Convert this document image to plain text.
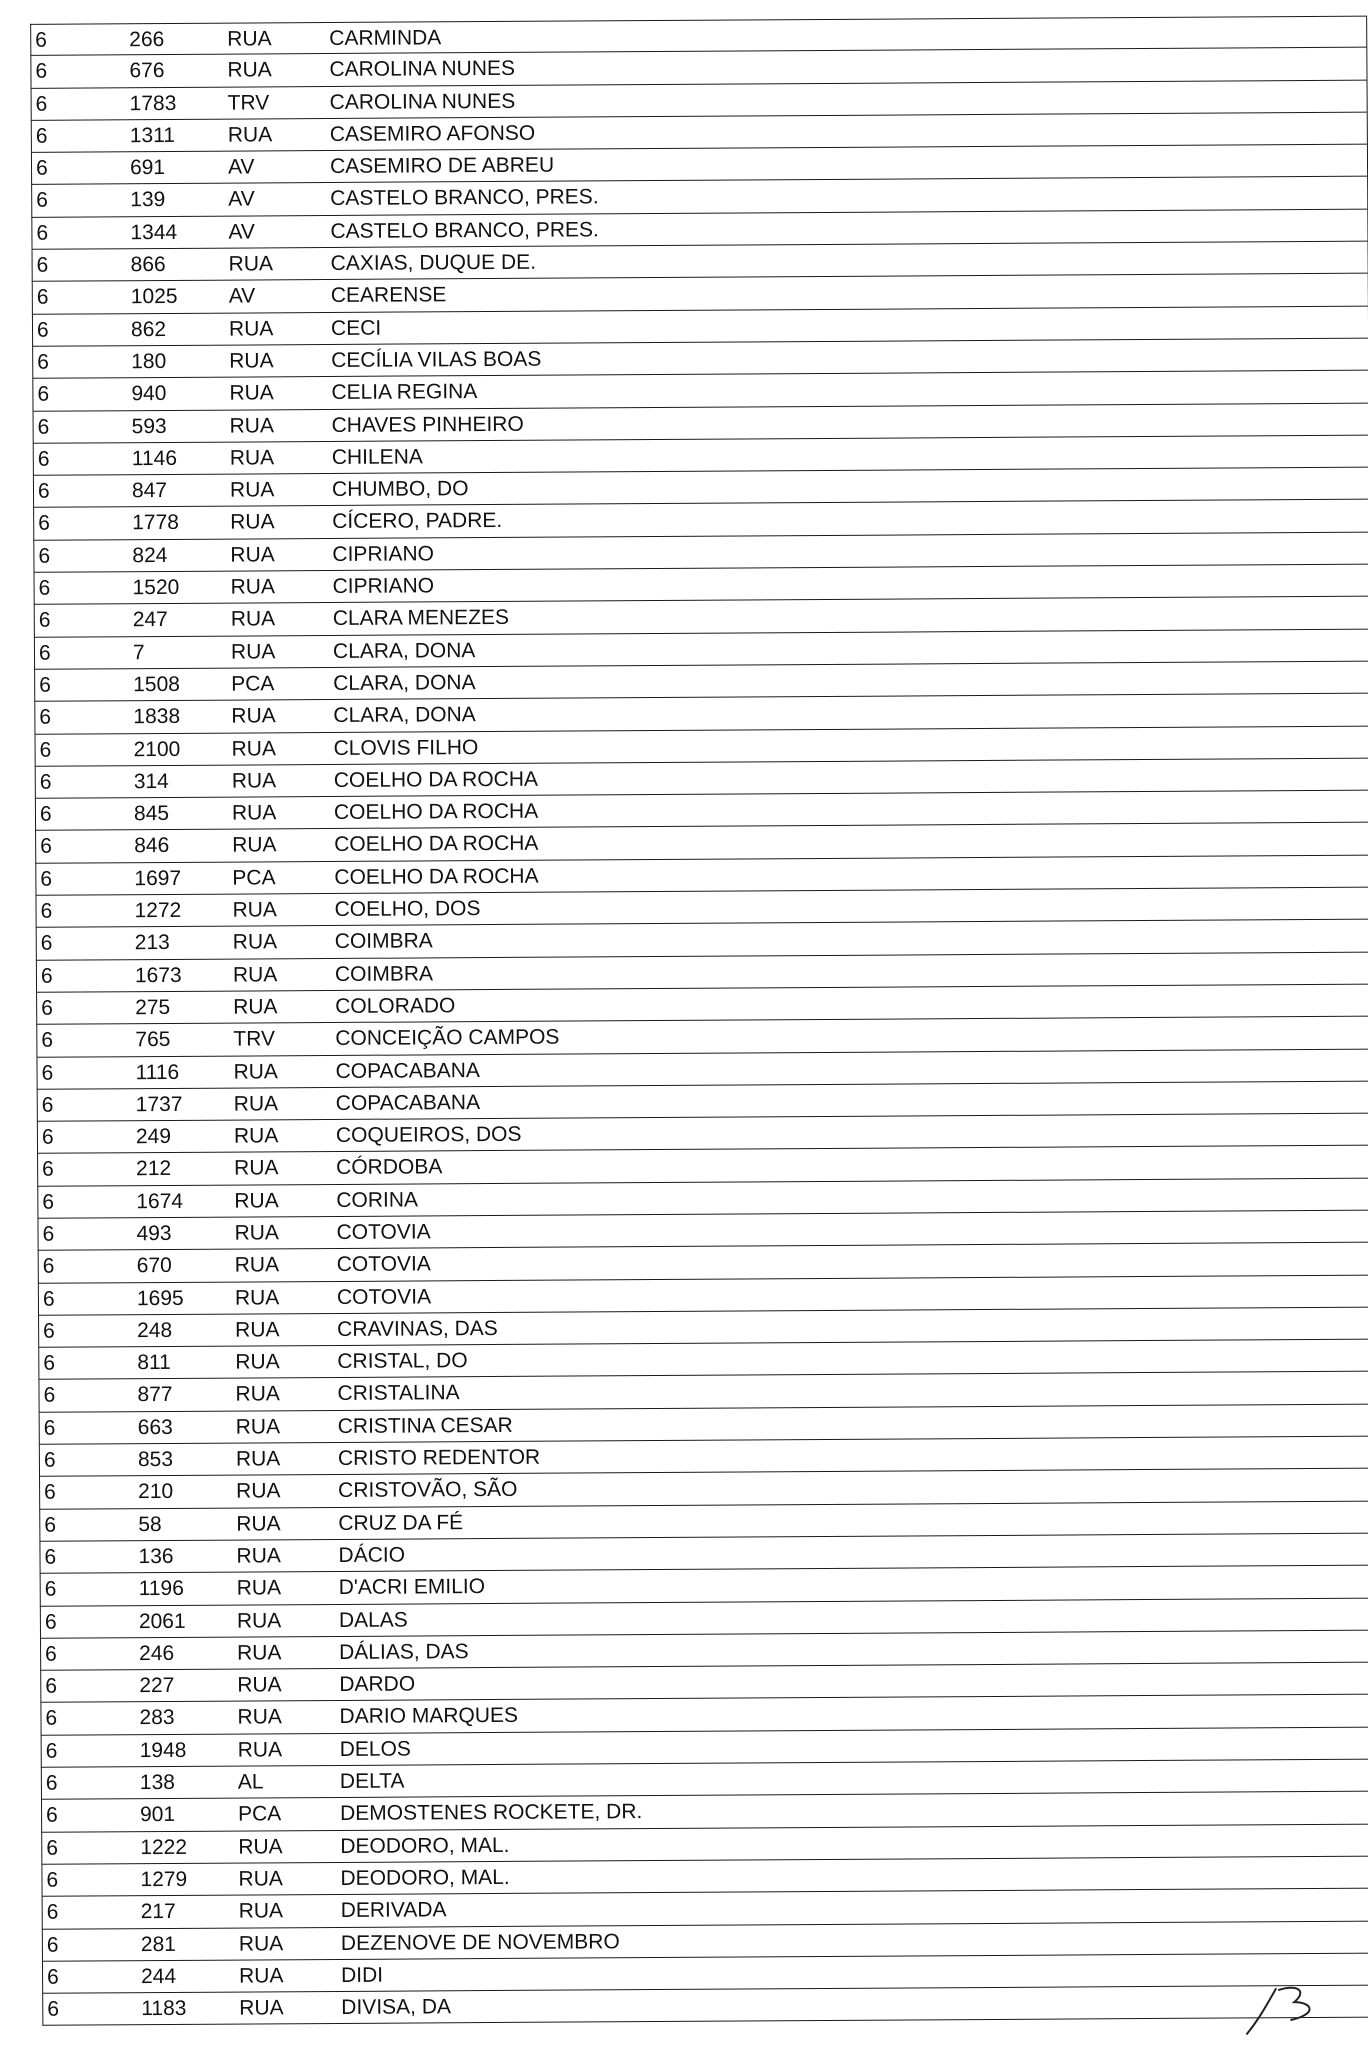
6	266	RUA	CARMINDA
6	676	RUA	CAROLINA NUNES
6	1783 TRV	CAROLINA NUNES
6	1311	RUA	CASEMIRO AFONSO
6	691	AV	CASEMIRO DE ABREU
6	139	AV	CASTELO BRANCO, PRES.
6	1344 AV	CASTELO BRANCO, PRES.
6	866	RUA	CAXIAS, DUQUE DE.
6	1025 AV	CEARENSE
6	862	RUA	CECI
6	180	RUA	CECÍLIA VILAS BOAS
6	940	RUA	CELIA REGINA
6	593	RUA	CHAVES PINHEIRO
6	1146	RUA	CHILENA
6	847	RUA	CHUMBO, DO
6	1778 RUA	CÍCERO, PADRE.
6	824	RUA	CIPRIANO
6	1520 RUA	CIPRIANO
6	247	RUA	CLARA MENEZES
6	7	RUA	CLARA, DONA
6	1508 PCA	CLARA, DONA
6	1838 RUA	CLARA, DONA
6	2100 RUA	CLOVIS FILHO
6	314	RUA	COELHO DA ROCHA
6	845	RUA	COELHO DA ROCHA
6	846	RUA	COELHO DA ROCHA
6	1697 PCA	COELHO DA ROCHA
6	1272 RUA	COELHO, DOS
6	213	RUA	COIMBRA
6	1673 RUA	COIMBRA
6	275	RUA	COLORADO
6	765	TRV	CONCEIÇÃO CAMPOS
6	1116	RUA	COPACABANA
6	1737 RUA	COPACABANA
6	249	RUA	COQUEIROS, DOS
6	212	RUA	CÓRDOBA
6	1674 RUA	CORINA
6	493	RUA	COTOVIA
6	670	RUA	COTOVIA
6	1695 RUA	COTOVIA
6	248	RUA	CRAVINAS, DAS
6	811	RUA	CRISTAL, DO
6	877	RUA	CRISTALINA
6	663	RUA	CRISTINA CESAR
6	853	RUA	CRISTO REDENTOR
6	210	RUA	CRISTOVÃO, SÃO
6	58	RUA	CRUZ DA FÉ
6	136	RUA	DÁCIO
6	1196	RUA	D'ACRI EMILIO
6	2061 RUA	DALAS
6	246	RUA	DÁLIAS, DAS
6	227	RUA	DARDO
6	283	RUA	DARIO MARQUES
6	1948 RUA	DELOS
6	138	AL	DELTA
6	901	PCA	DEMOSTENES ROCKETE, DR.
6	1222 RUA	DEODORO, MAL.
6	1279 RUA	DEODORO, MAL.
6	217	RUA	DERIVADA
6	281	RUA	DEZENOVE DE NOVEMBRO
6	244	RUA	DIDI
6	1183	RUA	DIVISA, DA
